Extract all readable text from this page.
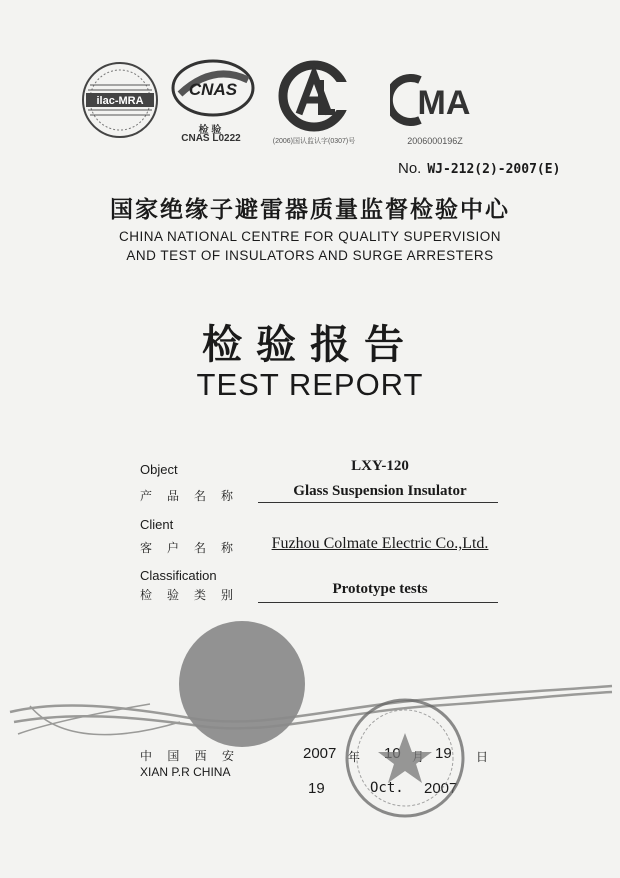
ilac-MRA
CNAS
检 验
CNAS L0222	(2006)国认监认字(0307)号
MA
2006000196Z
No. WJ-212(2)-2007(E)
国家绝缘子避雷器质量监督检验中心
CHINA NATIONAL CENTRE FOR QUALITY SUPERVISION
AND TEST OF INSULATORS AND SURGE ARRESTERS
检验报告
TEST REPORT
Object	LXY-120
产品名称	Glass Suspension Insulator
Client
客户名称	Fuzhou Colmate Electric Co.,Ltd.
Classification
检验类别	Prototype tests
中 国 西 安
XIAN P.R CHINA
2007 年	19 日
19	Oct. 2007
